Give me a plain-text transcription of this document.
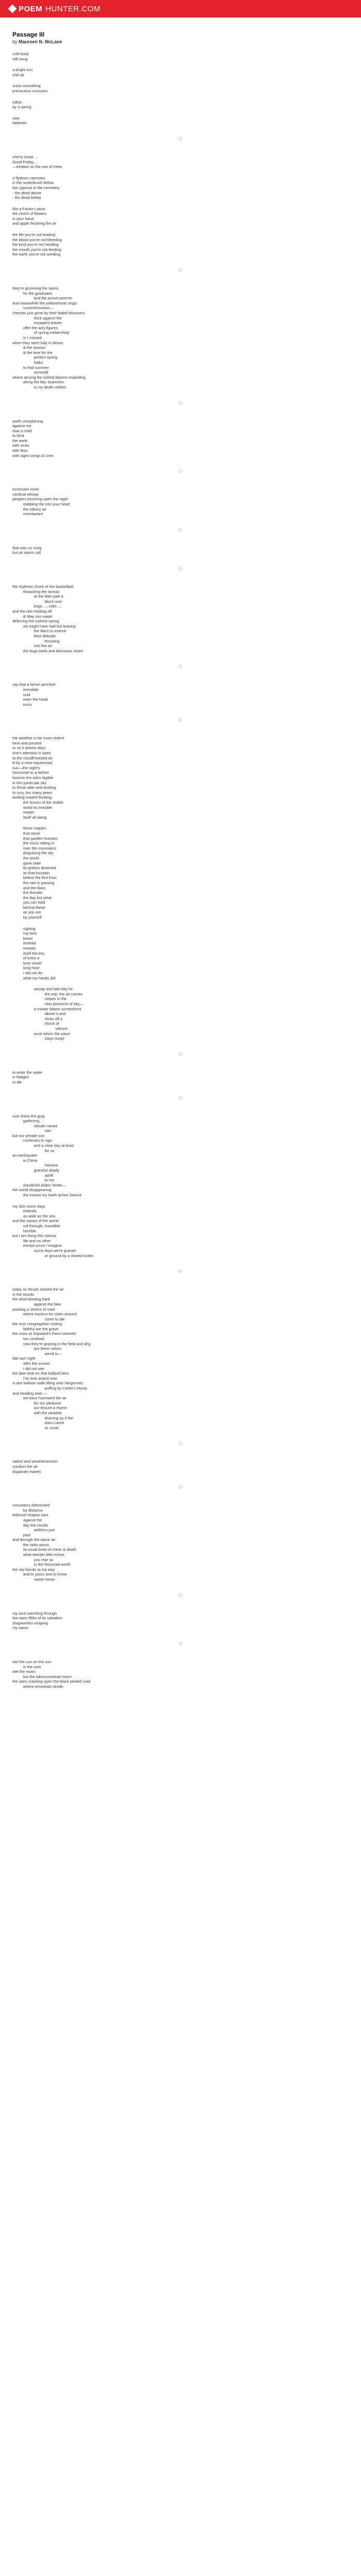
POEM HUNTER.COM
Passage III
by Maureen N. McLane
cold body
still song
a bright sun
chill air
snow-smoothing
precocious crocuses
trilled
by a spring
now
fattened
◇
cherry loose....
Good Friday....
—treatise on the use of trees
a flydown caresses
in the underbrush below
the cypress in the cemetery
- the dead above
- the dead below
like a Fantin-Latour
the clutch of flowers
in your hand
and apple finishing the air
the life you're not leading
the blood you're not bleeding
the kind you're not heeding
the mouth you're not feeding
the earth you're not seeding
◇
they're grooming the lawns
for the graduates
and the proud parents
and meanwhile the yellowthroat sings
unceremonious—
cherries just gone by their faded blossoms
thick against the
insurgent leaves
offer the wiry figures
of spring melancholy
in I missed
when they were fully in bloom
& the season
& the time for the
perfect spring
haiku
to that summer
survived
where among the tickled blooms exploding
along the lilac branches
is my death written
◇
earth complaining
against me
how a child
to bind
the earth
with vines
with fees
with signs songs & cries
◇
incessant snow
cardinal whoop
peepers booming open the night
stabbing the into your heart
the odious air
reverberant
◇
that was no song
but an alarm call
◇
the rhythmic thunk of the basketball
thwacking the tarmac
at the little park a
block over
bogs .....calls.....
and the rain holding off
& May non-water
deferring the lushest spring
we might have had but leaving
the lilacs to extend
their delicate
thrusting
into the air
the bugs birds and blossoms share
◇
say that a heron perched
immobile
until
even the head
turns
◇
the weather is far more violent
here and present
or so it seems days
one's attention is open
to the cloudfrontsled air
lit by a near-equinoctial
sun—the night's
horizontal to a farther
horizon the stars legible
in this particular sky
to those able and wishing
to scry, too many years
looking inward thinking
the lesson of the visible
world its invisible
reader
itself all along
these maples
that stone
that garden fountain
the moss rolling in
over the mountains
disguising the sky
the world
gone slate
its greens drowned
as that fountain
before the first frost
the rain is passing
and the lilacs
the thunder
the day but what
you can hold
behind these
as you are
by yourself
sighing
my best
beset
instead
reveals
itself the key
of extra a
tone vowel
long how!
I did not do
what my hands did
swoop and late-day hit
the war, the air carries
stripes in the
now precincts of sky—
a mower blares somewhere
above it and
shuts off a
shock of
silence
once which the wave-
stays surge
◇
to enter the water
in Maigen
to die
◇
over there the gray
gathering
sheath meant
rain
but our private sun
continues to sign
and a clear day at least
for us
an earthquake
in China
Havana
graceful slowly
adrift
to me
wonderful Adam Smith—
the world disappearing
the instant my tooth aches Sancre
my skin some days
extends
as wide as the sea
and the waves of the world
roll through, inaudible
horrible
but I am living this narrow
life and no other
except yours I imagine
some days we're graced
or ground by a shared butter.
◇
today so thrush slowed the air
in the woods
the wind blowing hard
against the bike
passing a stretch of road
where tractors for miles around
come to die
the mos congregation rusting
faithful are the grave
the cows at Sayward's Farm seemed
too confined
now they're grazing in the field and why
are there calves
wend in—
late last night
after the sunset
I did not see
the lake took on that ballpoll blue
I've love ante'd now
a rare balloon walk lifting over Vergennes
puffing by Carter's Hump
and heading east —
we have harrowed the air
for our pleasure
our leisure a rhyme
with the weather
draining as if the
stars cared
or could
◇
radios and weatherwomen
conduct the air
disparate manes
◇
mountains deforested
by distance
tedroost shapes cast
against the
day the clouds
address just
past
and through the same air
the radio pours
its usual brew of cheer & death
what weirder little echos
you rear so
in the fractured-world
the sky bends to my way
and to yours and to home
sweet home
◇
my soul marching through
the open fifths of its salvation
shapewriten shaping
my name
◇
wet the sun on the sun
in the river
wet the moon
but the laburnumhead moon
the stars cracking open the black peeled road
where immortals strode
